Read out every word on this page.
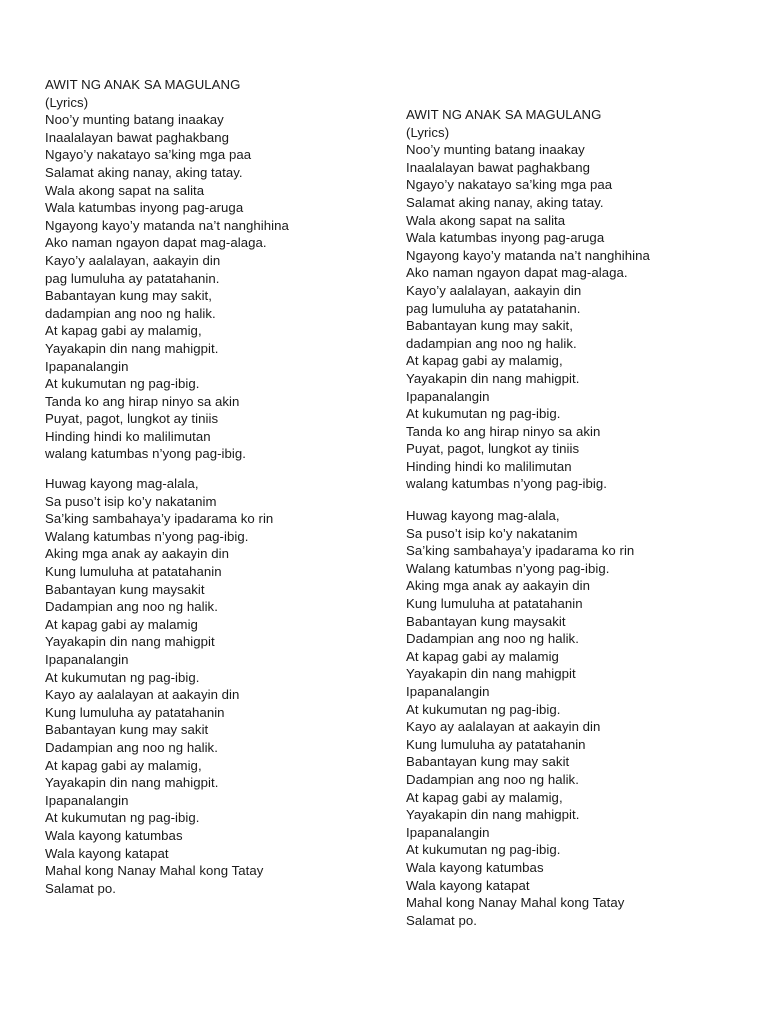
AWIT NG ANAK SA MAGULANG
(Lyrics)
Noo’y munting batang inaakay
Inaalalayan bawat paghakbang
Ngayo’y nakatayo sa’king mga paa
Salamat aking nanay, aking tatay.
Wala akong sapat na salita
Wala katumbas inyong pag-aruga
Ngayong kayo’y matanda na’t nanghihina
Ako naman ngayon dapat mag-alaga.
Kayo’y aalalayan, aakayin din
pag lumuluha ay patatahanin.
Babantayan kung may sakit,
dadampian ang noo ng halik.
At kapag gabi ay malamig,
Yayakapin din nang mahigpit.
Ipapanalangin
At kukumutan ng pag-ibig.
Tanda ko ang hirap ninyo sa akin
Puyat, pagot, lungkot ay tiniis
Hinding hindi ko malilimutan
walang katumbas n’yong pag-ibig.
Huwag kayong mag-alala,
Sa puso’t isip ko’y nakatanim
Sa’king sambahaya’y ipadarama ko rin
Walang katumbas n’yong pag-ibig.
Aking mga anak ay aakayin din
Kung lumuluha at patatahanin
Babantayan kung maysakit
Dadampian ang noo ng halik.
At kapag gabi ay malamig
Yayakapin din nang mahigpit
Ipapanalangin
At kukumutan ng pag-ibig.
Kayo ay aalalayan at aakayin din
Kung lumuluha ay patatahanin
Babantayan kung may sakit
Dadampian ang noo ng halik.
At kapag gabi ay malamig,
Yayakapin din nang mahigpit.
Ipapanalangin
At kukumutan ng pag-ibig.
Wala kayong katumbas
Wala kayong katapat
Mahal kong Nanay Mahal kong Tatay
Salamat po.
AWIT NG ANAK SA MAGULANG
(Lyrics)
Noo’y munting batang inaakay
Inaalalayan bawat paghakbang
Ngayo’y nakatayo sa’king mga paa
Salamat aking nanay, aking tatay.
Wala akong sapat na salita
Wala katumbas inyong pag-aruga
Ngayong kayo’y matanda na’t nanghihina
Ako naman ngayon dapat mag-alaga.
Kayo’y aalalayan, aakayin din
pag lumuluha ay patatahanin.
Babantayan kung may sakit,
dadampian ang noo ng halik.
At kapag gabi ay malamig,
Yayakapin din nang mahigpit.
Ipapanalangin
At kukumutan ng pag-ibig.
Tanda ko ang hirap ninyo sa akin
Puyat, pagot, lungkot ay tiniis
Hinding hindi ko malilimutan
walang katumbas n’yong pag-ibig.
Huwag kayong mag-alala,
Sa puso’t isip ko’y nakatanim
Sa’king sambahaya’y ipadarama ko rin
Walang katumbas n’yong pag-ibig.
Aking mga anak ay aakayin din
Kung lumuluha at patatahanin
Babantayan kung maysakit
Dadampian ang noo ng halik.
At kapag gabi ay malamig
Yayakapin din nang mahigpit
Ipapanalangin
At kukumutan ng pag-ibig.
Kayo ay aalalayan at aakayin din
Kung lumuluha ay patatahanin
Babantayan kung may sakit
Dadampian ang noo ng halik.
At kapag gabi ay malamig,
Yayakapin din nang mahigpit.
Ipapanalangin
At kukumutan ng pag-ibig.
Wala kayong katumbas
Wala kayong katapat
Mahal kong Nanay Mahal kong Tatay
Salamat po.
